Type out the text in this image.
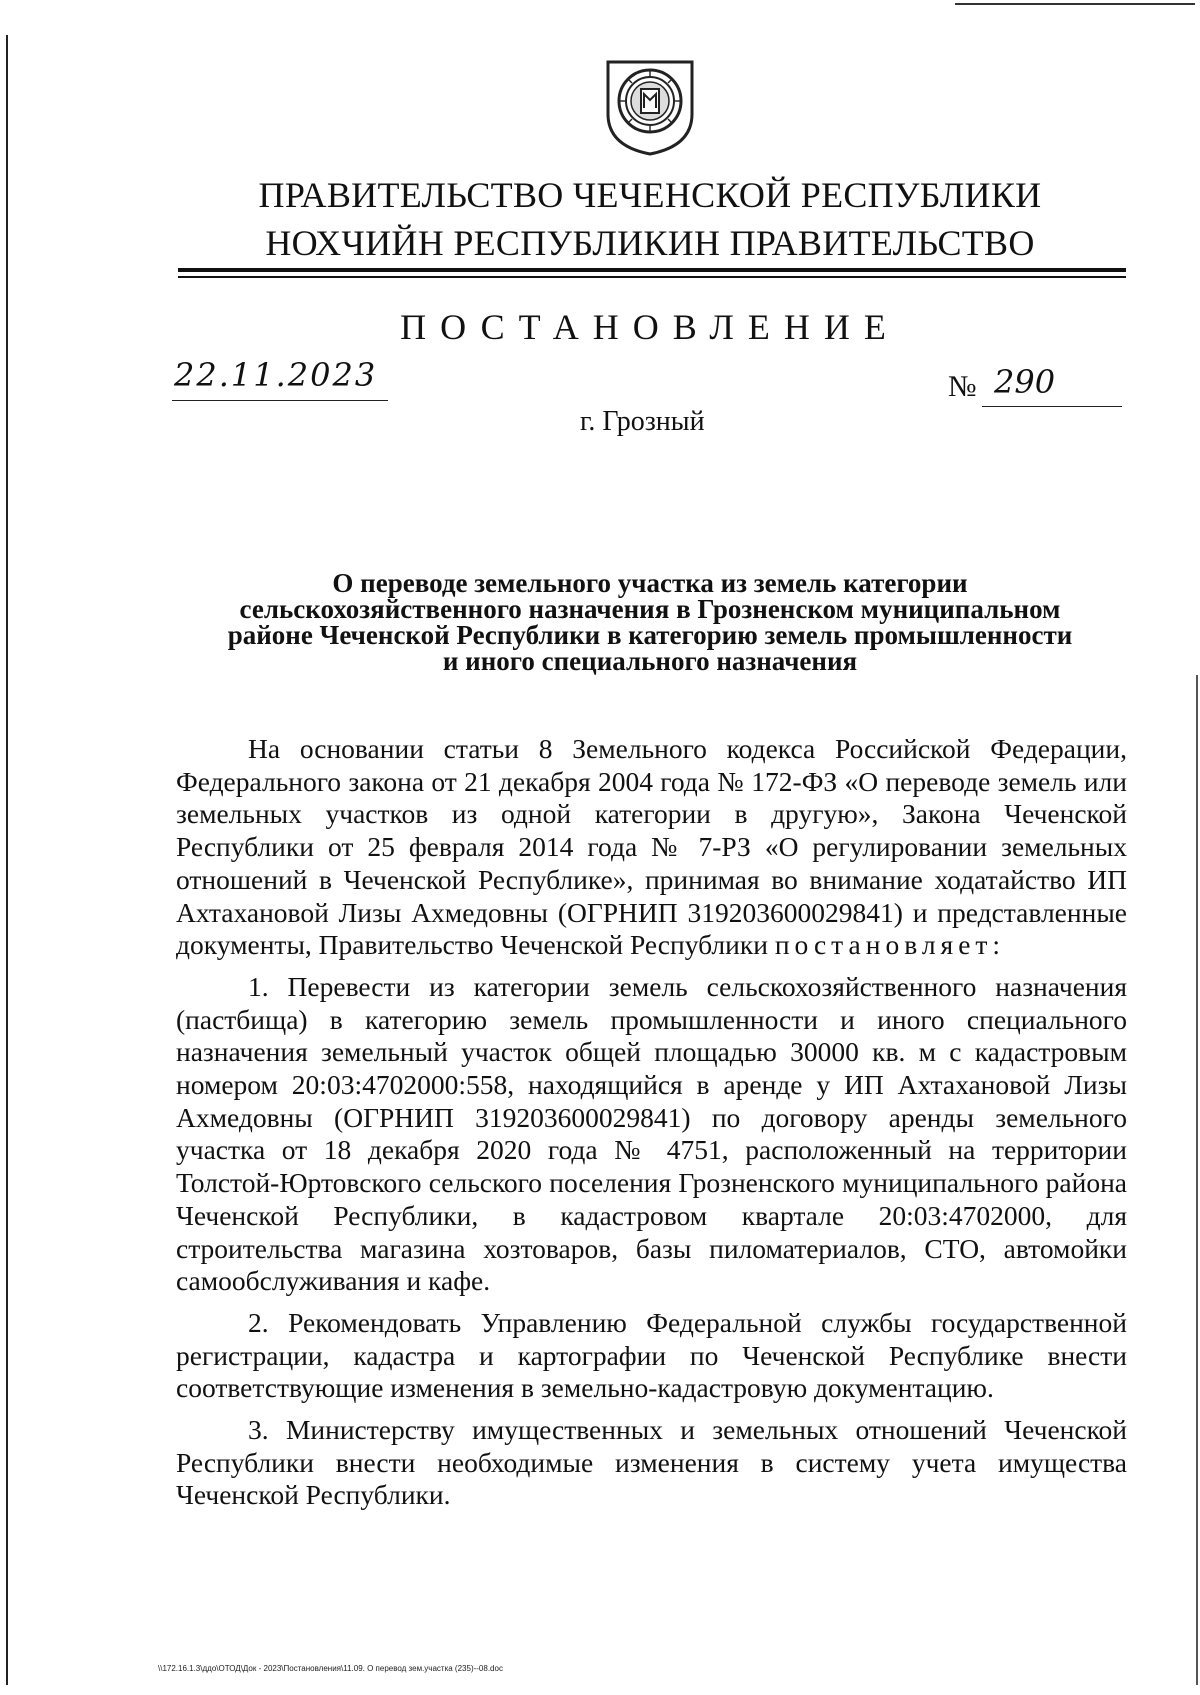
ПРАВИТЕЛЬСТВО ЧЕЧЕНСКОЙ РЕСПУБЛИКИ
НОХЧИЙН РЕСПУБЛИКИН ПРАВИТЕЛЬСТВО
ПОСТАНОВЛЕНИЕ
22.11.2023	№ 290
г. Грозный
О переводе земельного участка из земель категории
сельскохозяйственного назначения в Грозненском муниципальном
районе Чеченской Республики в категорию земель промышленности
и иного специального назначения

На основании статьи 8 Земельного кодекса Российской Федерации, Федерального закона от 21 декабря 2004 года № 172-ФЗ «О переводе земель или земельных участков из одной категории в другую», Закона Чеченской Республики от 25 февраля 2014 года № 7-РЗ «О регулировании земельных отношений в Чеченской Республике», принимая во внимание ходатайство ИП Ахтахановой Лизы Ахмедовны (ОГРНИП 319203600029841) и представленные документы, Правительство Чеченской Республики постановляет:

1. Перевести из категории земель сельскохозяйственного назначения (пастбища) в категорию земель промышленности и иного специального назначения земельный участок общей площадью 30000 кв. м с кадастровым номером 20:03:4702000:558, находящийся в аренде у ИП Ахтахановой Лизы Ахмедовны (ОГРНИП 319203600029841) по договору аренды земельного участка от 18 декабря 2020 года № 4751, расположенный на территории Толстой-Юртовского сельского поселения Грозненского муниципального района Чеченской Республики, в кадастровом квартале 20:03:4702000, для строительства магазина хозтоваров, базы пиломатериалов, СТО, автомойки самообслуживания и кафе.

2. Рекомендовать Управлению Федеральной службы государственной регистрации, кадастра и картографии по Чеченской Республике внести соответствующие изменения в земельно-кадастровую документацию.

3. Министерству имущественных и земельных отношений Чеченской Республики внести необходимые изменения в систему учета имущества Чеченской Республики.

\\172.16.1.3\ддо\ОТОД\Док - 2023\Постановления\11.09. О перевод зем.участка (235)--08.doc
